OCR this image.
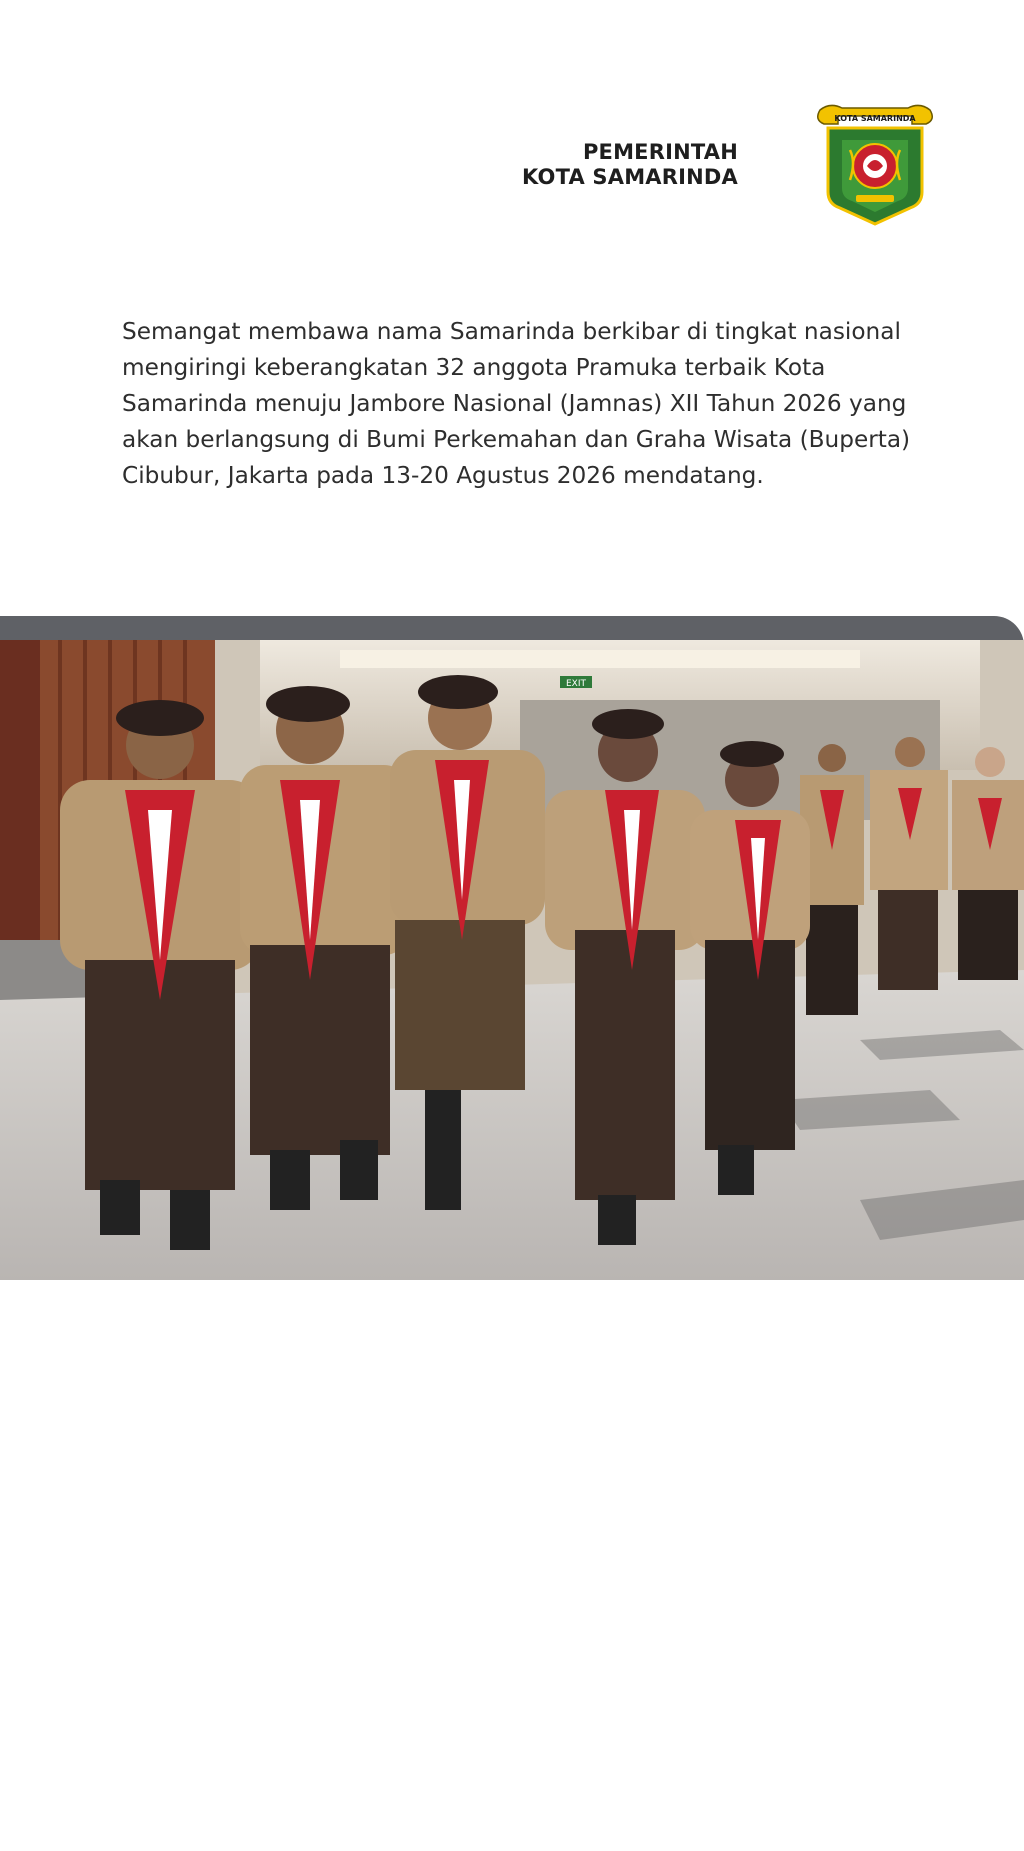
PEMERINTAH
KOTA SAMARINDA
KOTA SAMARINDA

Semangat membawa nama Samarinda berkibar di tingkat nasional mengiringi keberangkatan 32 anggota Pramuka terbaik Kota Samarinda menuju Jambore Nasional (Jamnas) XII Tahun 2026 yang akan berlangsung di Bumi Perkemahan dan Graha Wisata (Buperta) Cibubur, Jakarta pada 13-20 Agustus 2026 mendatang.

EXIT
www.samarindakota.go.id
